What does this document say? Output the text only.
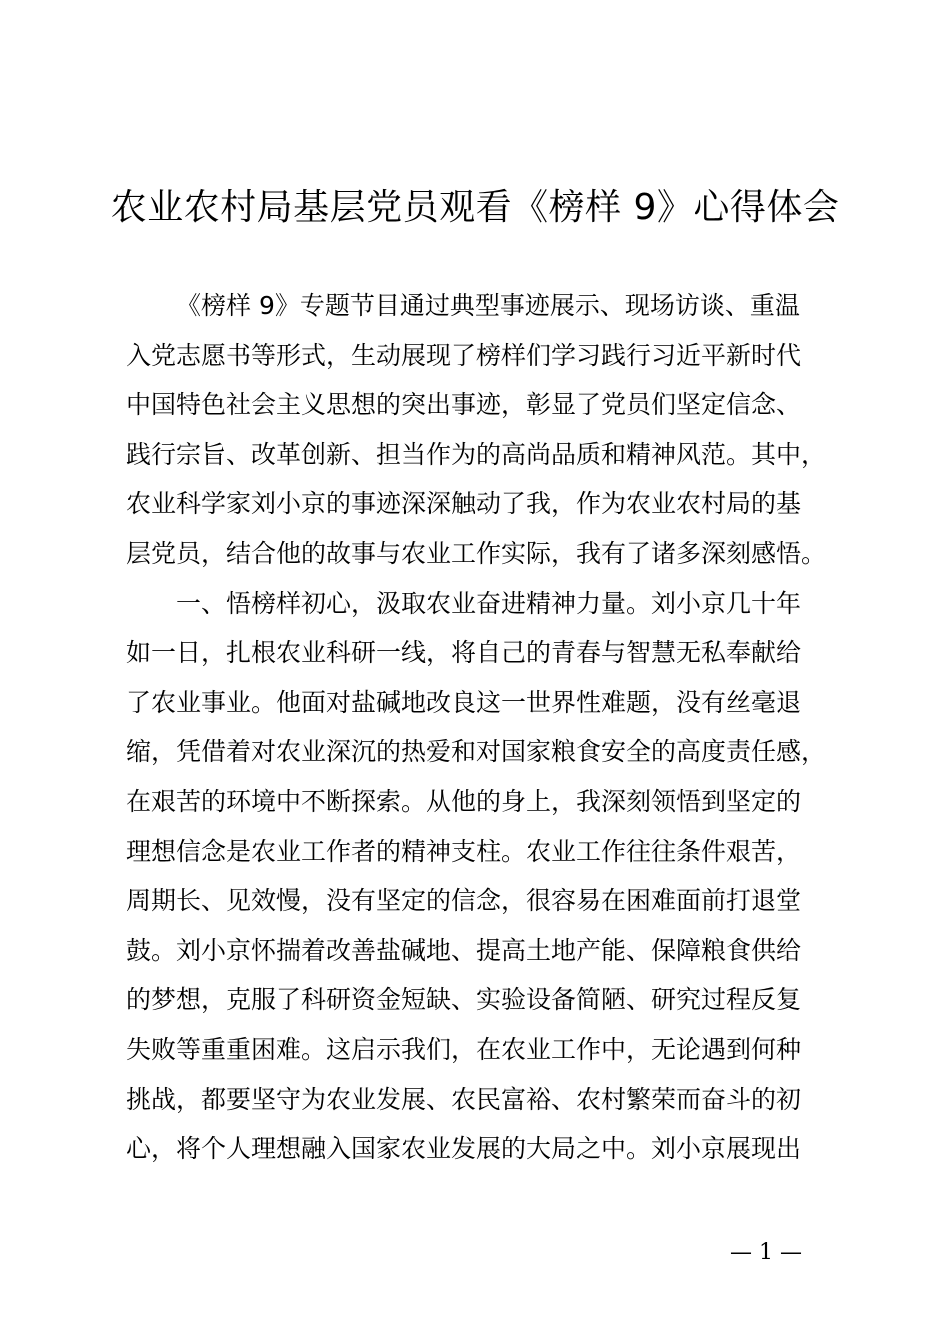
农业农村局基层党员观看《榜样 9》心得体会
《榜样 9》专题节目通过典型事迹展示、现场访谈、重温
入党志愿书等形式，生动展现了榜样们学习践行习近平新时代
中国特色社会主义思想的突出事迹，彰显了党员们坚定信念、
践行宗旨、改革创新、担当作为的高尚品质和精神风范。其中，
农业科学家刘小京的事迹深深触动了我，作为农业农村局的基
层党员，结合他的故事与农业工作实际，我有了诸多深刻感悟。
一、悟榜样初心，汲取农业奋进精神力量。刘小京几十年
如一日，扎根农业科研一线，将自己的青春与智慧无私奉献给
了农业事业。他面对盐碱地改良这一世界性难题，没有丝毫退
缩，凭借着对农业深沉的热爱和对国家粮食安全的高度责任感，
在艰苦的环境中不断探索。从他的身上，我深刻领悟到坚定的
理想信念是农业工作者的精神支柱。农业工作往往条件艰苦，
周期长、见效慢，没有坚定的信念，很容易在困难面前打退堂
鼓。刘小京怀揣着改善盐碱地、提高土地产能、保障粮食供给
的梦想，克服了科研资金短缺、实验设备简陋、研究过程反复
失败等重重困难。这启示我们，在农业工作中，无论遇到何种
挑战，都要坚守为农业发展、农民富裕、农村繁荣而奋斗的初
心，将个人理想融入国家农业发展的大局之中。刘小京展现出
— 1 —
